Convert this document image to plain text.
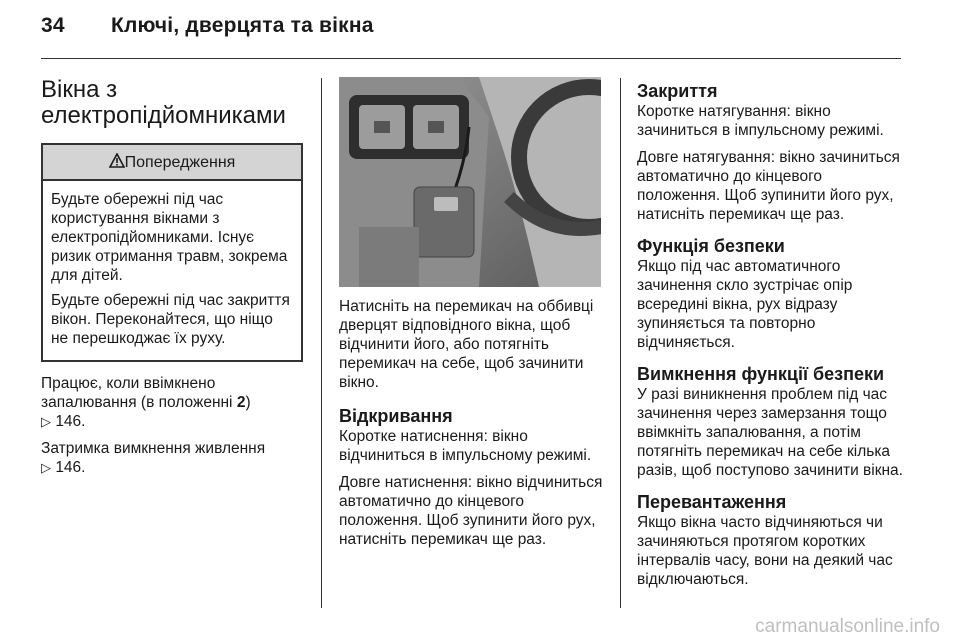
34 Ключі, дверцята та вікна
Вікна з
електропідйомниками
Попередження

Будьте обережні під час користування вікнами з електропідйомниками. Існує ризик отримання травм, зокрема для дітей.

Будьте обережні під час закриття вікон. Переконайтеся, що ніщо не перешкоджає їх руху.

Працює, коли ввімкнено запалювання (в положенні 2)
▷ 146.

Затримка вимкнення живлення
▷ 146.

Натисніть на перемикач на оббивці дверцят відповідного вікна, щоб відчинити його, або потягніть перемикач на себе, щоб зачинити вікно.

Відкривання

Коротке натиснення: вікно відчиниться в імпульсному режимі.

Довге натиснення: вікно відчиниться автоматично до кінцевого положення. Щоб зупинити його рух, натисніть перемикач ще раз.

Закриття

Коротке натягування: вікно зачиниться в імпульсному режимі.

Довге натягування: вікно зачиниться автоматично до кінцевого положення. Щоб зупинити його рух, натисніть перемикач ще раз.

Функція безпеки

Якщо під час автоматичного зачинення скло зустрічає опір всередині вікна, рух відразу зупиняється та повторно відчиняється.

Вимкнення функції безпеки

У разі виникнення проблем під час зачинення через замерзання тощо ввімкніть запалювання, а потім потягніть перемикач на себе кілька разів, щоб поступово зачинити вікна.

Перевантаження

Якщо вікна часто відчиняються чи зачиняються протягом коротких інтервалів часу, вони на деякий час відключаються.

carmanualsonline.info
